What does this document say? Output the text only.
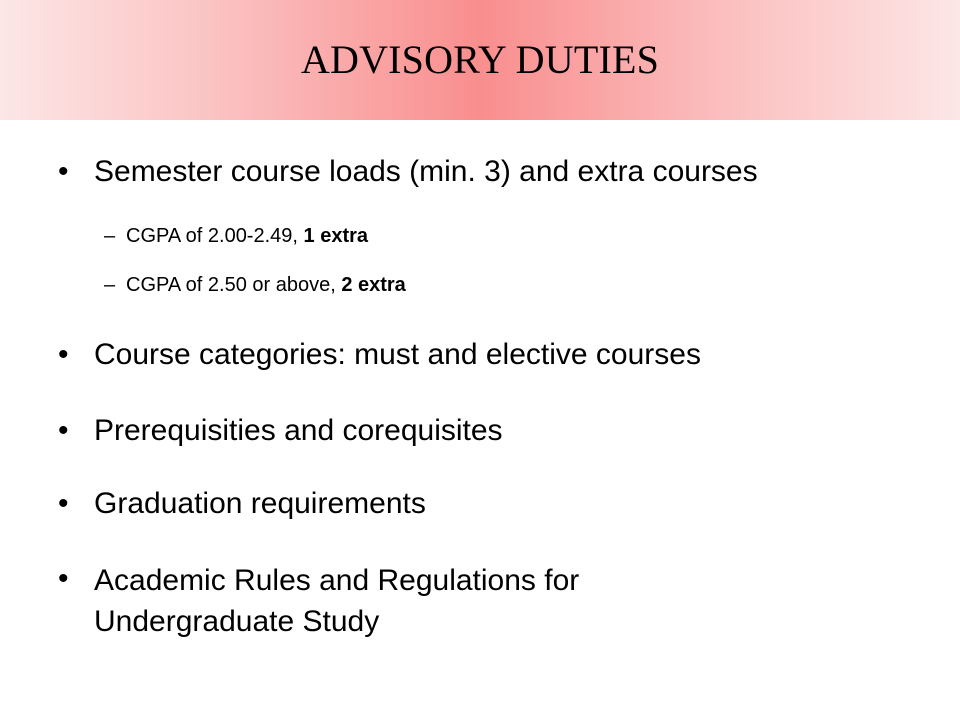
ADVISORY DUTIES
• Semester course loads (min. 3) and extra courses
– CGPA of 2.00-2.49, 1 extra
– CGPA of 2.50 or above, 2 extra
• Course categories: must and elective courses
• Prerequisities and corequisites
• Graduation requirements
• Academic Rules and Regulations for
Undergraduate Study
